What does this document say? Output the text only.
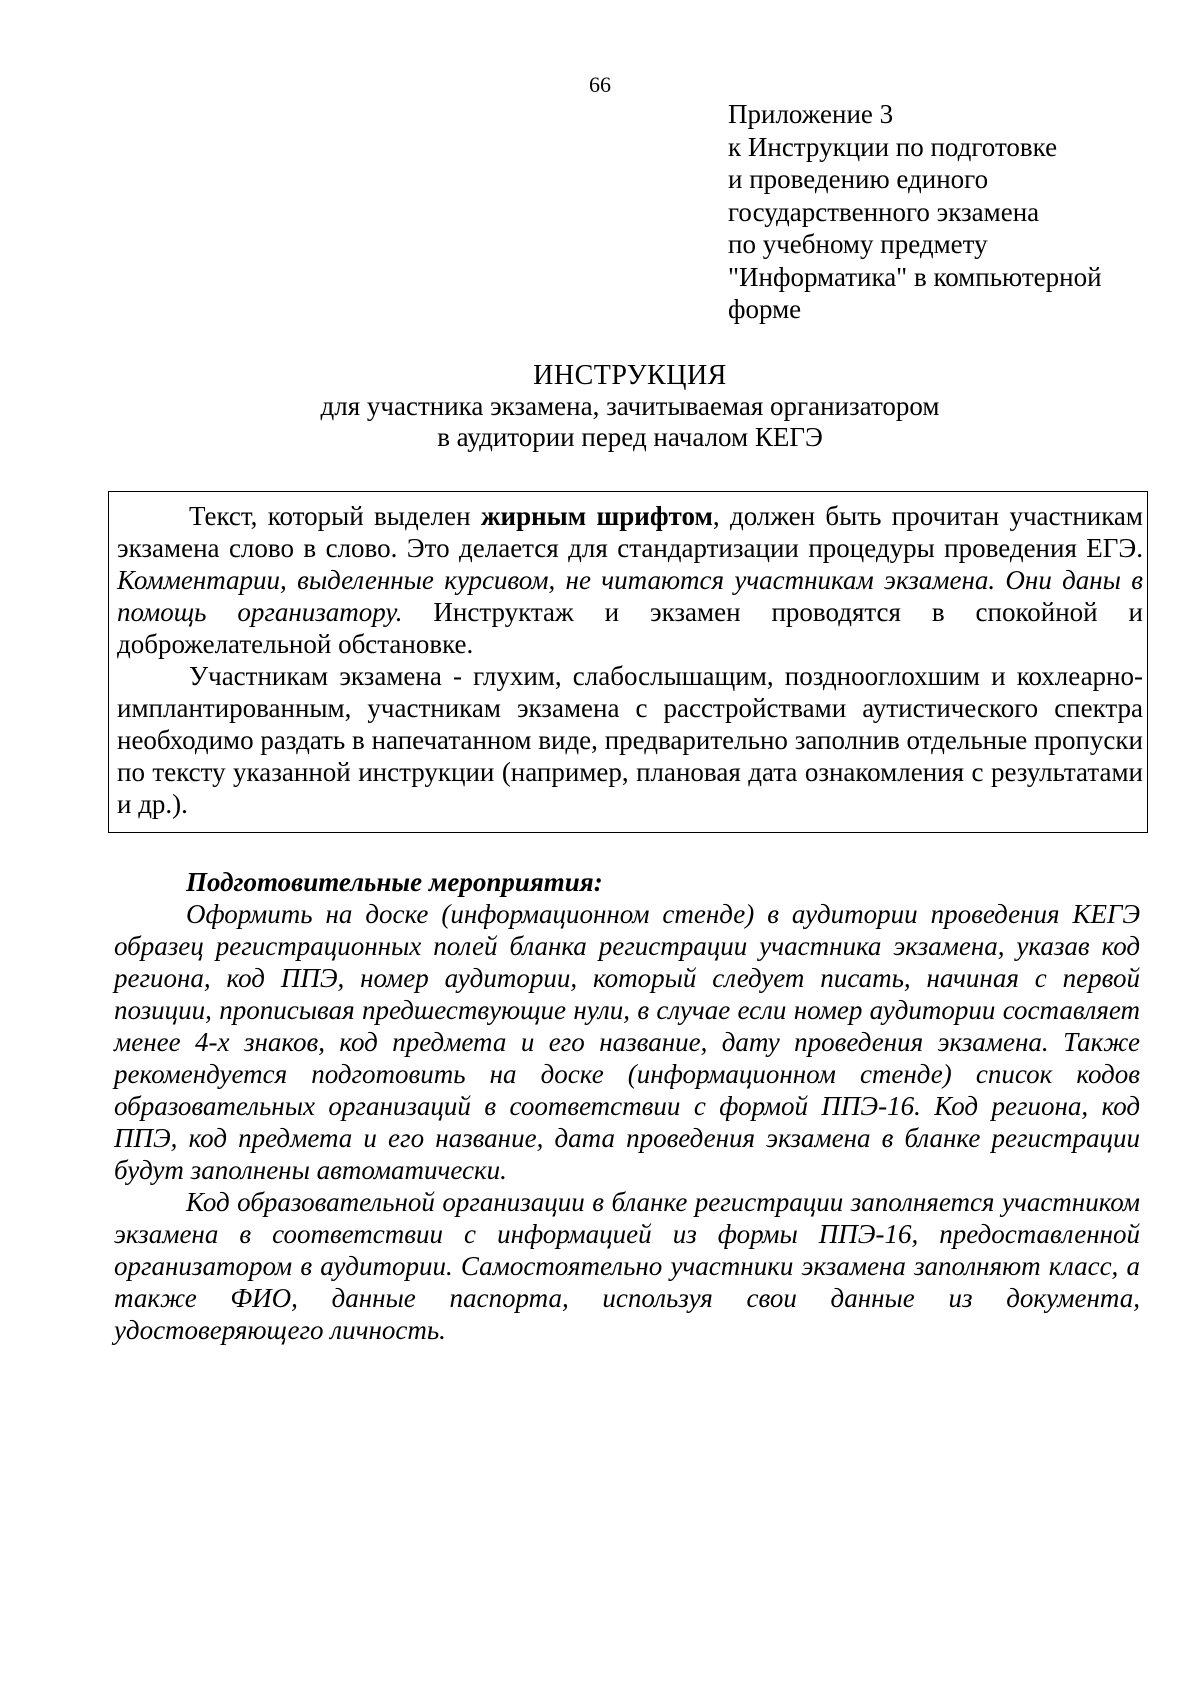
66
Приложение 3
к Инструкции по подготовке
и проведению единого
государственного экзамена
по учебному предмету
"Информатика" в компьютерной
форме
ИНСТРУКЦИЯ
для участника экзамена, зачитываемая организатором
в аудитории перед началом КЕГЭ

Текст, который выделен жирным шрифтом, должен быть прочитан участникам экзамена слово в слово. Это делается для стандартизации процедуры проведения ЕГЭ. Комментарии, выделенные курсивом, не читаются участникам экзамена. Они даны в помощь организатору. Инструктаж и экзамен проводятся в спокойной и доброжелательной обстановке.

Участникам экзамена - глухим, слабослышащим, позднооглохшим и кохлеарно-имплантированным, участникам экзамена с расстройствами аутистического спектра необходимо раздать в напечатанном виде, предварительно заполнив отдельные пропуски по тексту указанной инструкции (например, плановая дата ознакомления с результатами и др.).

Подготовительные мероприятия:

Оформить на доске (информационном стенде) в аудитории проведения КЕГЭ образец регистрационных полей бланка регистрации участника экзамена, указав код региона, код ППЭ, номер аудитории, который следует писать, начиная с первой позиции, прописывая предшествующие нули, в случае если номер аудитории составляет менее 4-х знаков, код предмета и его название, дату проведения экзамена. Также рекомендуется подготовить на доске (информационном стенде) список кодов образовательных организаций в соответствии с формой ППЭ-16. Код региона, код ППЭ, код предмета и его название, дата проведения экзамена в бланке регистрации будут заполнены автоматически.

Код образовательной организации в бланке регистрации заполняется участником экзамена в соответствии с информацией из формы ППЭ-16, предоставленной организатором в аудитории. Самостоятельно участники экзамена заполняют класс, а также ФИО, данные паспорта, используя свои данные из документа, удостоверяющего личность.
